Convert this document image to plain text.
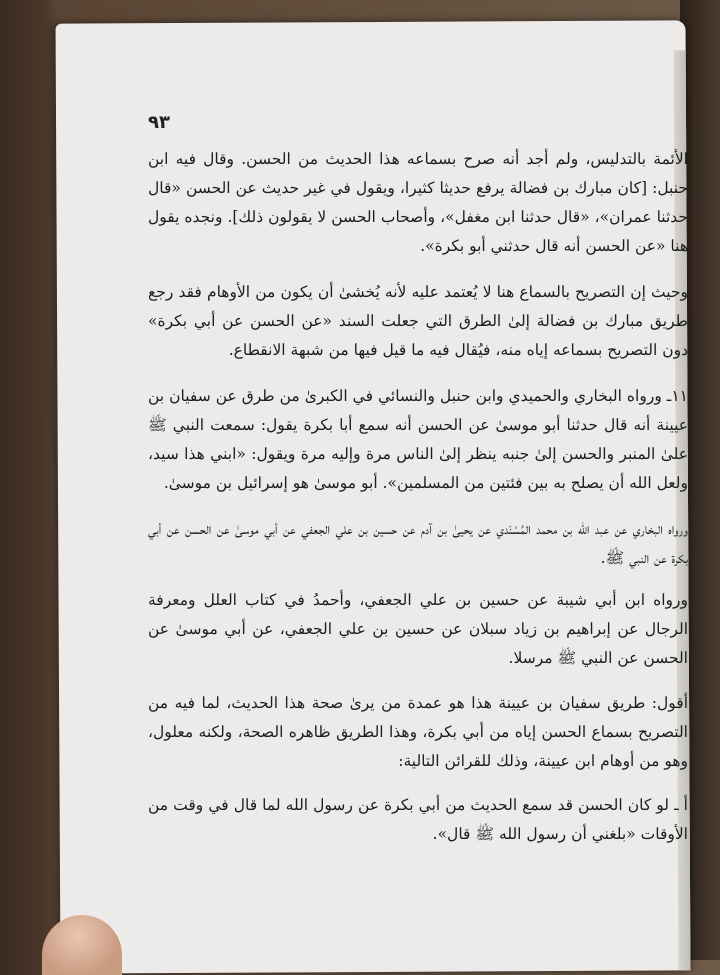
٩٣

الأئمة بالتدليس، ولم أجد أنه صرح بسماعه هذا الحديث من الحسن. وقال فيه ابن حنبل: [كان مبارك بن فضالة يرفع حديثا كثيرا، ويقول في غير حديث عن الحسن «قال حدثنا عمران»، «قال حدثنا ابن مغفل»، وأصحاب الحسن لا يقولون ذلك]. ونجده يقول هنا «عن الحسن أنه قال حدثني أبو بكرة».

وحيث إن التصريح بالسماع هنا لا يُعتمد عليه لأنه يُخشىٰ أن يكون من الأوهام فقد رجع طريق مبارك بن فضالة إلىٰ الطرق التي جعلت السند «عن الحسن عن أبي بكرة» دون التصريح بسماعه إياه منه، فيُقال فيه ما قيل فيها من شبهة الانقطاع.

١١ـ ورواه البخاري والحميدي وابن حنبل والنسائي في الكبرىٰ من طرق عن سفيان بن عيينة أنه قال حدثنا أبو موسىٰ عن الحسن أنه سمع أبا بكرة يقول: سمعت النبي ﷺ علىٰ المنبر والحسن إلىٰ جنبه ينظر إلىٰ الناس مرة وإليه مرة ويقول: «ابني هذا سيد، ولعل الله أن يصلح به بين فئتين من المسلمين». أبو موسىٰ هو إسرائيل بن موسىٰ.

ورواه البخاري عن عبد الله بن محمد المُسْنَدي عن يحيىٰ بن آدم عن حسين بن علي الجعفي عن أبي موسىٰ عن الحسن عن أبي بكرة عن النبي ﷺ.

ورواه ابن أبي شيبة عن حسين بن علي الجعفي، وأحمدُ في كتاب العلل ومعرفة الرجال عن إبراهيم بن زياد سبلان عن حسين بن علي الجعفي، عن أبي موسىٰ عن الحسن عن النبي ﷺ مرسلا.

أقول: طريق سفيان بن عيينة هذا هو عمدة من يرىٰ صحة هذا الحديث، لما فيه من التصريح بسماع الحسن إياه من أبي بكرة، وهذا الطريق ظاهره الصحة، ولكنه معلول، وهو من أوهام ابن عيينة، وذلك للقرائن التالية:

أ ـ لو كان الحسن قد سمع الحديث من أبي بكرة عن رسول الله لما قال في وقت من الأوقات «بلغني أن رسول الله ﷺ قال».
